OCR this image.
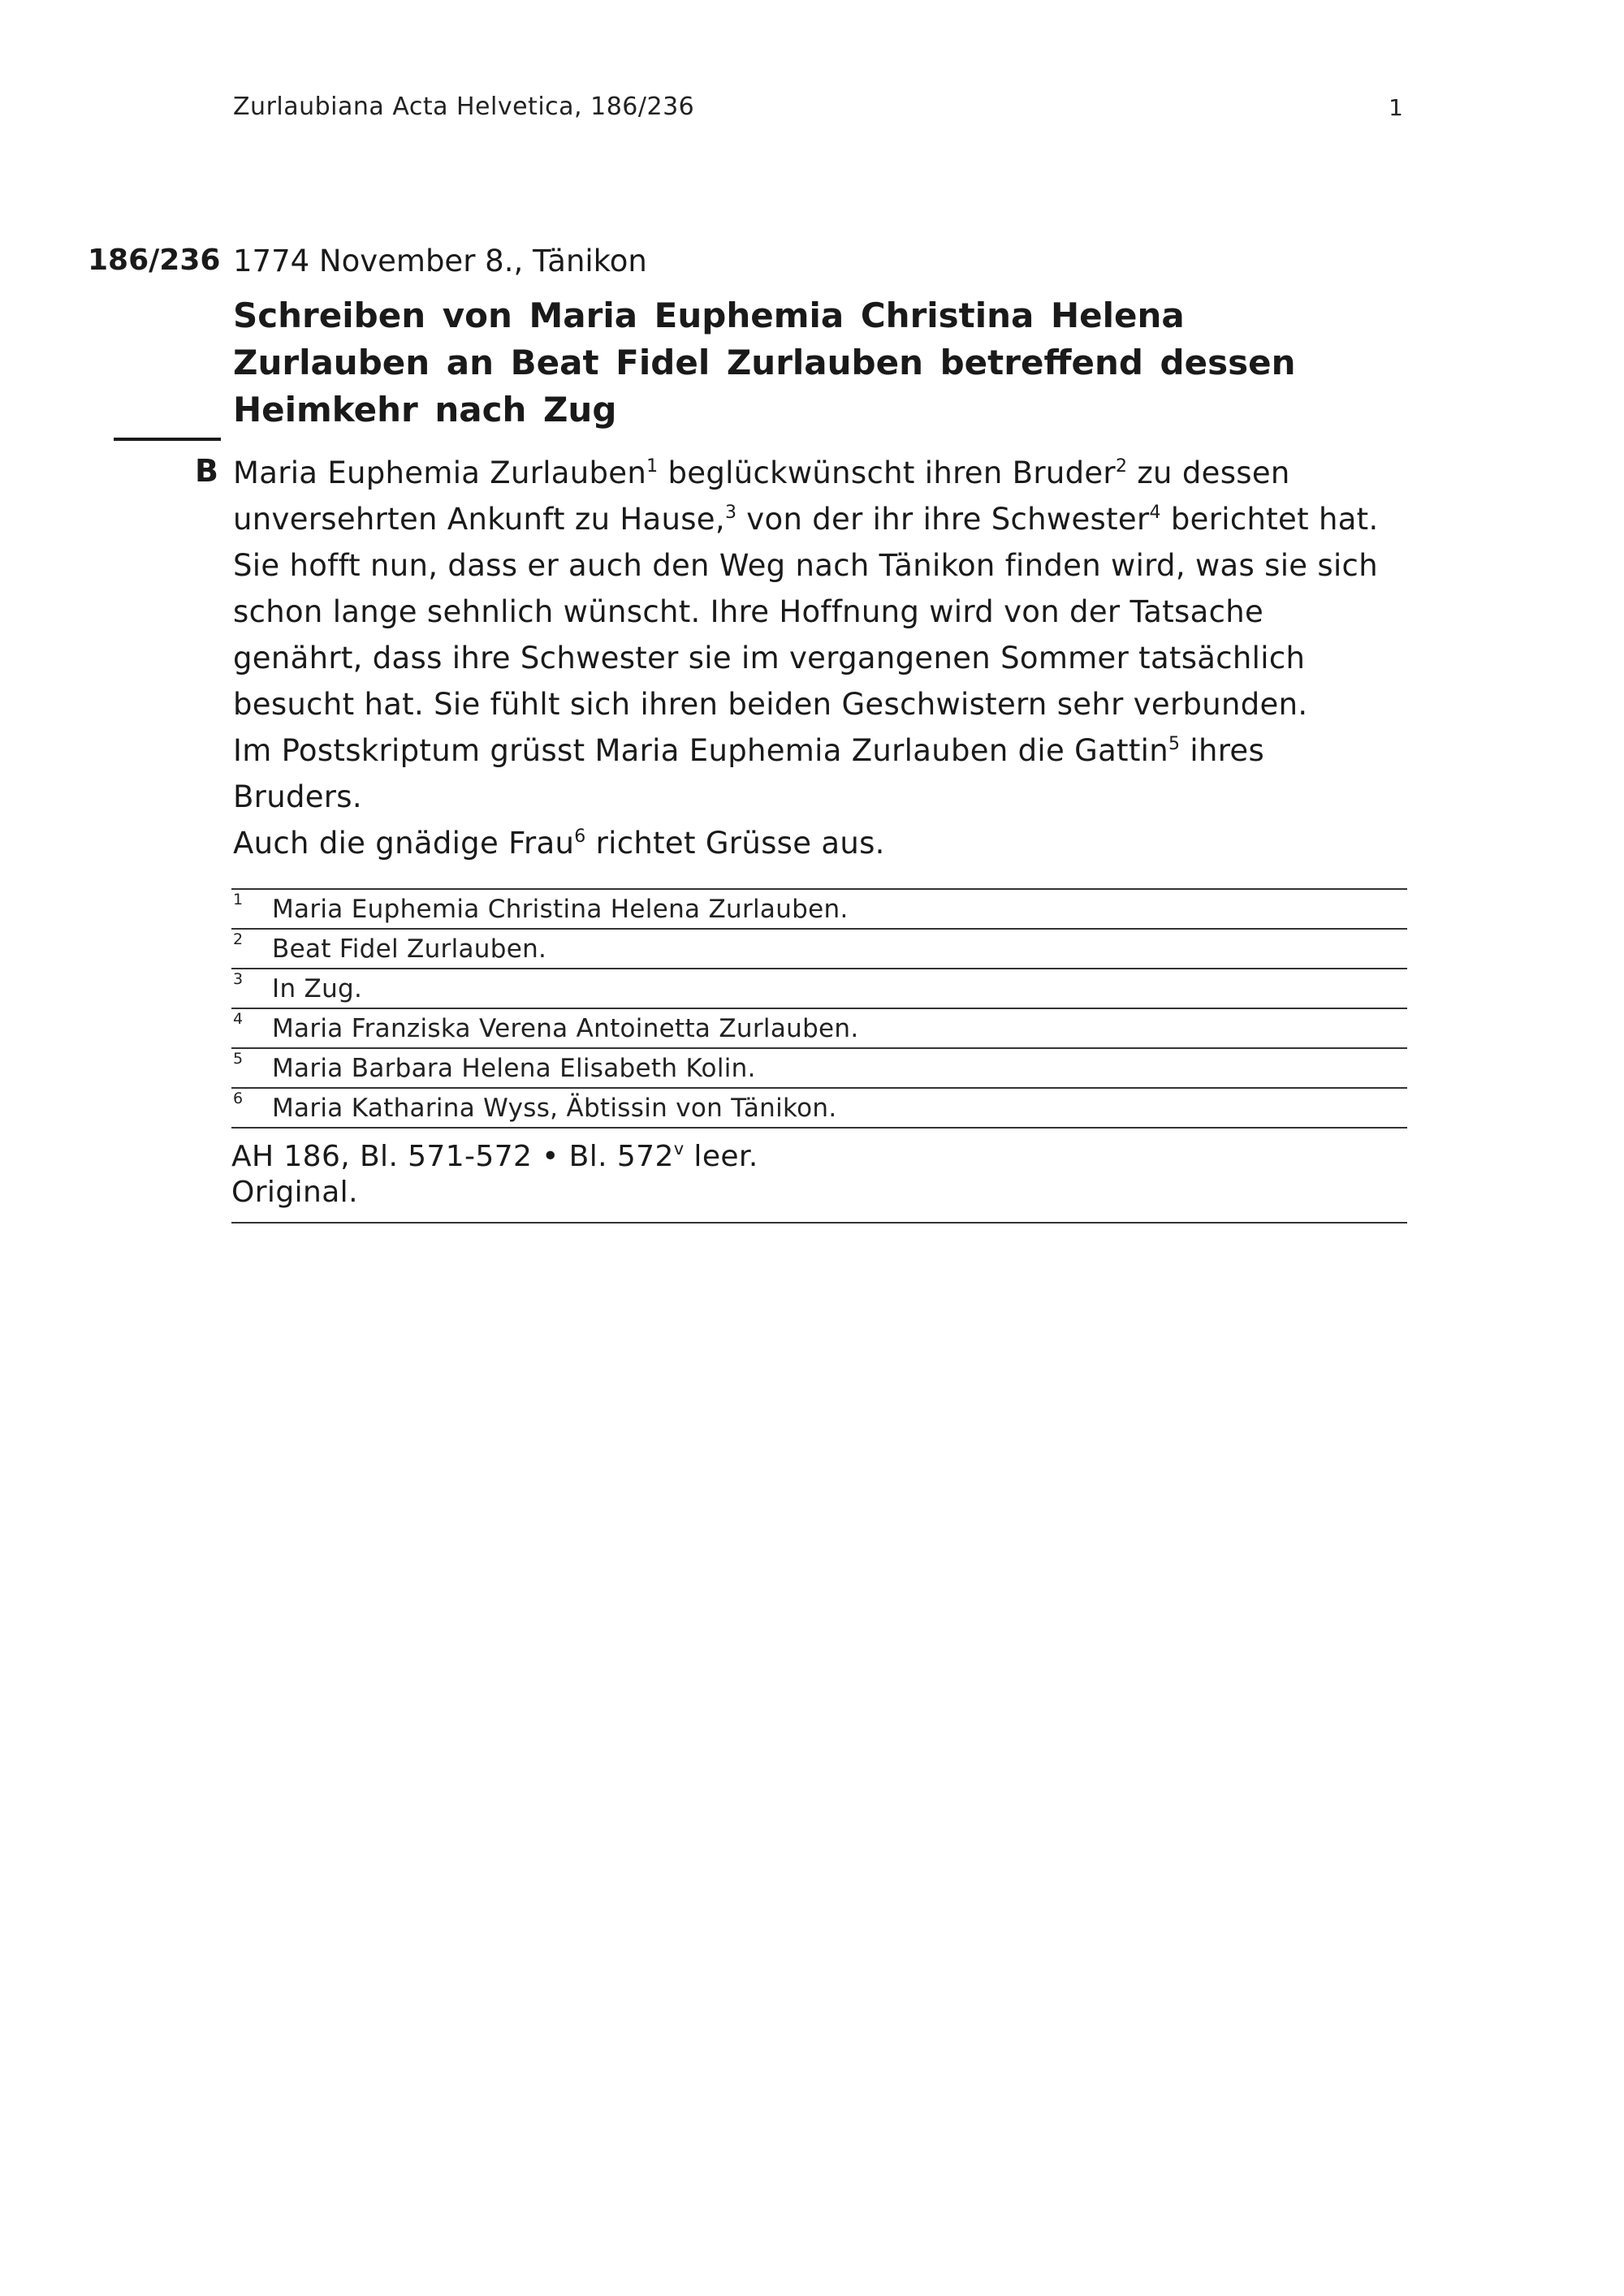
Zurlaubiana Acta Helvetica, 186/236	1
186/236 1774 November 8., Tänikon
Schreiben von Maria Euphemia Christina Helena Zurlauben an Beat Fidel Zurlauben betreffend dessen Heimkehr nach Zug
B Maria Euphemia Zurlauben$^1$ beglückwünscht ihren Bruder$^2$ zu dessen unversehrten Ankunft zu Hause,$^3$ von der ihr ihre Schwester$^4$ berichtet hat. Sie hofft nun, dass er auch den Weg nach Tänikon finden wird, was sie sich schon lange sehnlich wünscht. Ihre Hoffnung wird von der Tatsache genährt, dass ihre Schwester sie im vergangenen Sommer tatsächlich besucht hat. Sie fühlt sich ihren beiden Geschwistern sehr verbunden.

Im Postskriptum grüsst Maria Euphemia Zurlauben die Gattin$^5$ ihres Bruders.

Auch die gnädige Frau$^6$ richtet Grüsse aus.

1 Maria Euphemia Christina Helena Zurlauben.
2 Beat Fidel Zurlauben.
3 In Zug.
4 Maria Franziska Verena Antoinetta Zurlauben.
5 Maria Barbara Helena Elisabeth Kolin.
6 Maria Katharina Wyss, Äbtissin von Tänikon.
AH 186, Bl. 571-572 • Bl. 572$^v$ leer.
Original.
